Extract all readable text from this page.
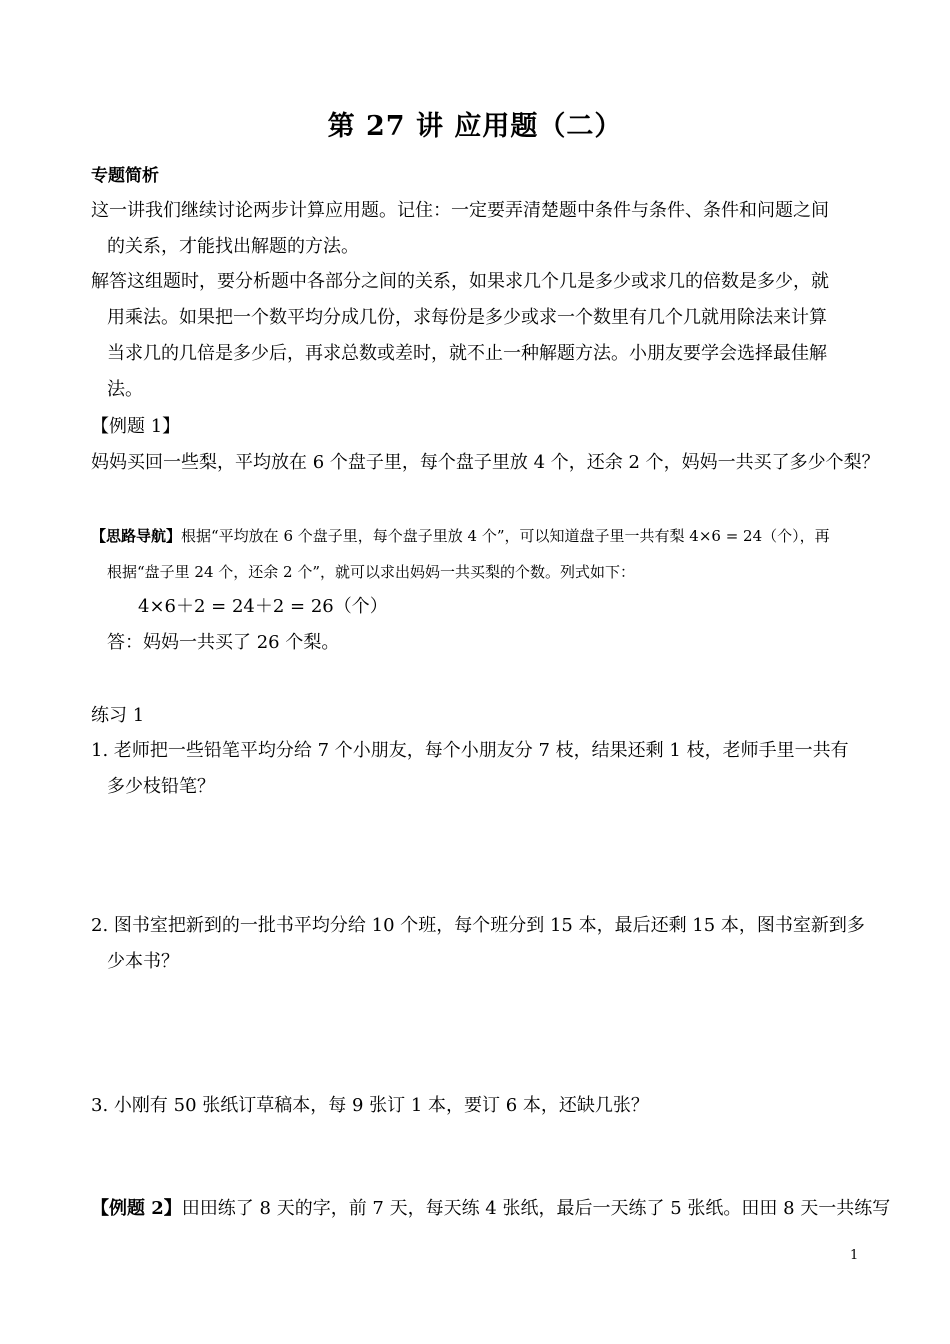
第 27 讲 应用题（二）
专题简析
这一讲我们继续讨论两步计算应用题。记住：一定要弄清楚题中条件与条件、条件和问题之间
的关系，才能找出解题的方法。
解答这组题时，要分析题中各部分之间的关系，如果求几个几是多少或求几的倍数是多少，就
用乘法。如果把一个数平均分成几份，求每份是多少或求一个数里有几个几就用除法来计算
当求几的几倍是多少后，再求总数或差时，就不止一种解题方法。小朋友要学会选择最佳解
法。
【例题 1】
妈妈买回一些梨，平均放在 6 个盘子里，每个盘子里放 4 个，还余 2 个，妈妈一共买了多少个梨？
【思路导航】根据“平均放在 6 个盘子里，每个盘子里放 4 个”，可以知道盘子里一共有梨 4×6 = 24（个），再
根据“盘子里 24 个，还余 2 个”，就可以求出妈妈一共买梨的个数。列式如下：
4×6＋2 = 24＋2 = 26（个）
答：妈妈一共买了 26 个梨。
练习 1
1. 老师把一些铅笔平均分给 7 个小朋友，每个小朋友分 7 枝，结果还剩 1 枝，老师手里一共有
多少枝铅笔？
2. 图书室把新到的一批书平均分给 10 个班，每个班分到 15 本，最后还剩 15 本，图书室新到多
少本书？
3. 小刚有 50 张纸订草稿本，每 9 张订 1 本，要订 6 本，还缺几张？
【例题 2】田田练了 8 天的字，前 7 天，每天练 4 张纸，最后一天练了 5 张纸。田田 8 天一共练写
1
